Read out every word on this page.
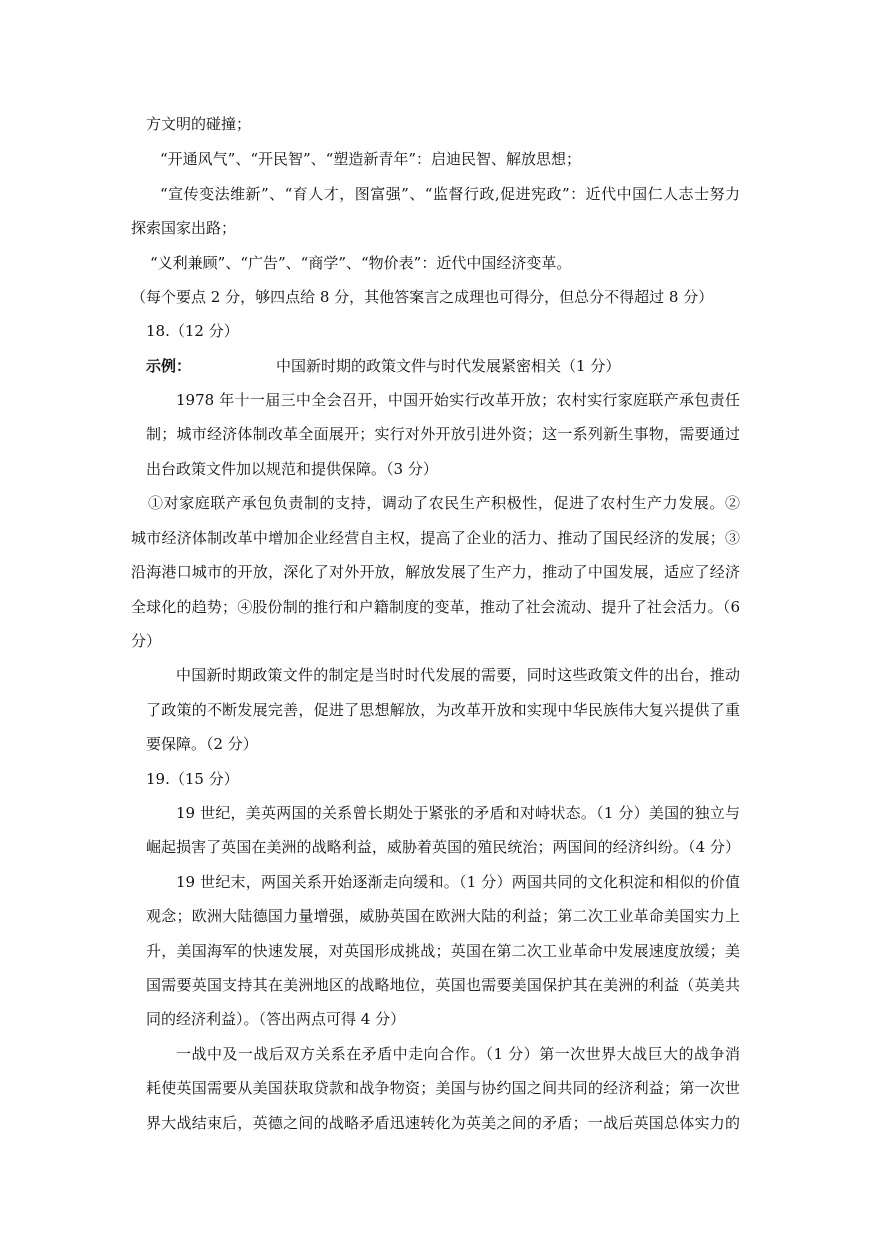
方文明的碰撞；
“开通风气”、“开民智”、“塑造新青年”：启迪民智、解放思想；
“宣传变法维新”、“育人才，图富强”、“监督行政,促进宪政”：近代中国仁人志士努力
探索国家出路；
“义利兼顾”、“广告”、“商学”、“物价表”：近代中国经济变革。
（每个要点 2 分，够四点给 8 分，其他答案言之成理也可得分，但总分不得超过 8 分）
18.（12 分）
示例：	中国新时期的政策文件与时代发展紧密相关（1 分）
1978 年十一届三中全会召开，中国开始实行改革开放；农村实行家庭联产承包责任
制；城市经济体制改革全面展开；实行对外开放引进外资；这一系列新生事物，需要通过
出台政策文件加以规范和提供保障。（3 分）
①对家庭联产承包负责制的支持，调动了农民生产积极性，促进了农村生产力发展。②
城市经济体制改革中增加企业经营自主权，提高了企业的活力、推动了国民经济的发展；③
沿海港口城市的开放，深化了对外开放，解放发展了生产力，推动了中国发展，适应了经济
全球化的趋势；④股份制的推行和户籍制度的变革，推动了社会流动、提升了社会活力。（6
分）
中国新时期政策文件的制定是当时时代发展的需要，同时这些政策文件的出台，推动
了政策的不断发展完善，促进了思想解放，为改革开放和实现中华民族伟大复兴提供了重
要保障。（2 分）
19.（15 分）
19 世纪，美英两国的关系曾长期处于紧张的矛盾和对峙状态。（1 分）美国的独立与
崛起损害了英国在美洲的战略利益，威胁着英国的殖民统治；两国间的经济纠纷。（4 分）
19 世纪末，两国关系开始逐渐走向缓和。（1 分）两国共同的文化积淀和相似的价值
观念；欧洲大陆德国力量增强，威胁英国在欧洲大陆的利益；第二次工业革命美国实力上
升，美国海军的快速发展，对英国形成挑战；英国在第二次工业革命中发展速度放缓；美
国需要英国支持其在美洲地区的战略地位，英国也需要美国保护其在美洲的利益（英美共
同的经济利益）。（答出两点可得 4 分）
一战中及一战后双方关系在矛盾中走向合作。（1 分）第一次世界大战巨大的战争消
耗使英国需要从美国获取贷款和战争物资；美国与协约国之间共同的经济利益；第一次世
界大战结束后，英德之间的战略矛盾迅速转化为英美之间的矛盾；一战后英国总体实力的
